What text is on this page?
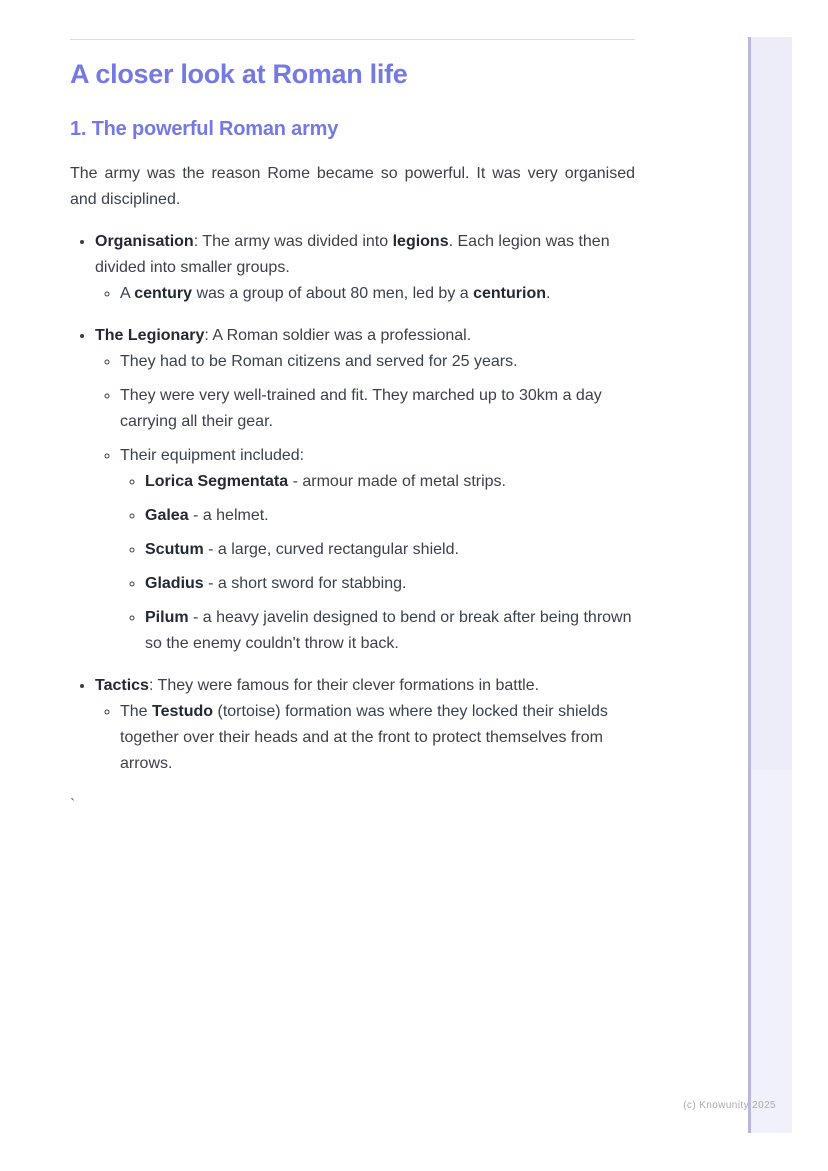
A closer look at Roman life
1. The powerful Roman army

The army was the reason Rome became so powerful. It was very organised and disciplined.

• Organisation: The army was divided into legions. Each legion was then divided into smaller groups.
◦ A century was a group of about 80 men, led by a centurion.
• The Legionary: A Roman soldier was a professional.
◦ They had to be Roman citizens and served for 25 years.
◦ They were very well-trained and fit. They marched up to 30km a day carrying all their gear.
◦ Their equipment included:
◦ Lorica Segmentata - armour made of metal strips.
◦ Galea - a helmet.
◦ Scutum - a large, curved rectangular shield.
◦ Gladius - a short sword for stabbing.
◦ Pilum - a heavy javelin designed to bend or break after being thrown so the enemy couldn't throw it back.
• Tactics: They were famous for their clever formations in battle.
◦ The Testudo (tortoise) formation was where they locked their shields together over their heads and at the front to protect themselves from arrows.

`

(c) Knowunity 2025
